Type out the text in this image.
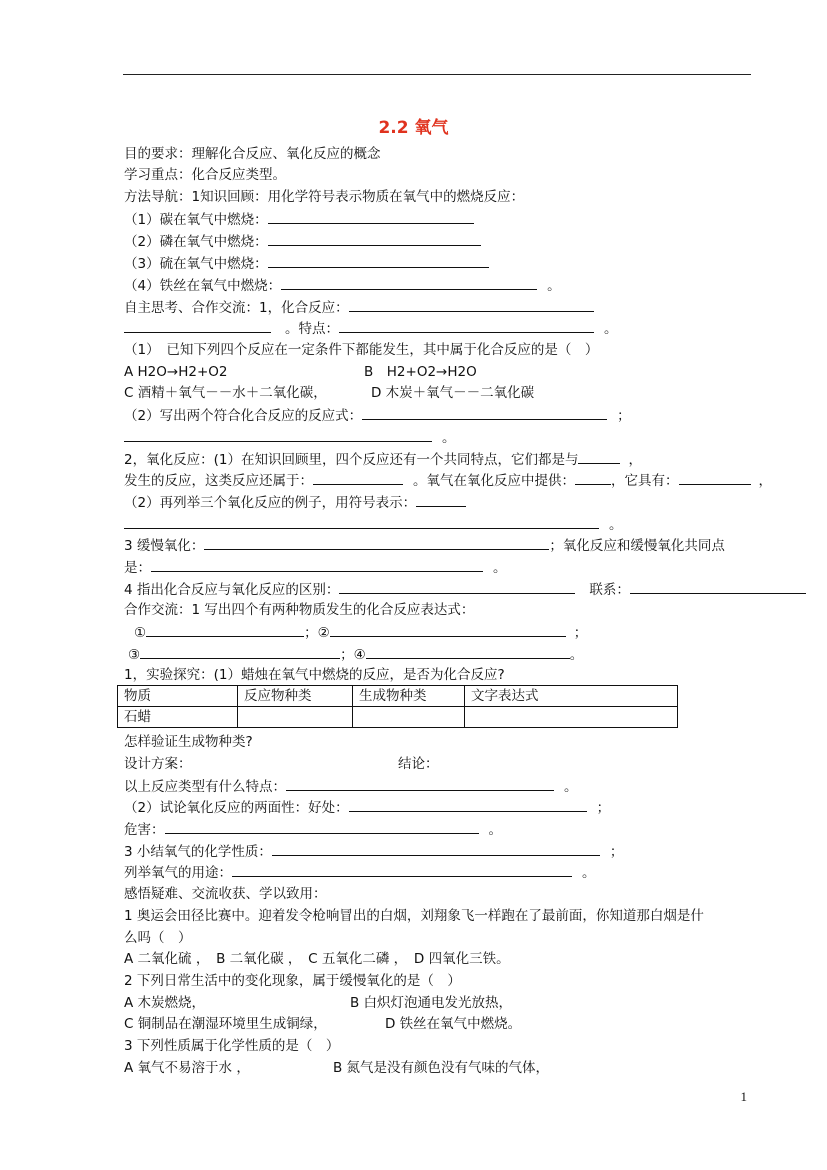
2.2 氧气
目的要求：理解化合反应、氧化反应的概念
学习重点：化合反应类型。
方法导航：1知识回顾：用化学符号表示物质在氧气中的燃烧反应：
（1）碳在氧气中燃烧：
（2）磷在氧气中燃烧：
（3）硫在氧气中燃烧：
（4）铁丝在氧气中燃烧：	。
自主思考、合作交流：1，化合反应：
。特点：	。
（1）　已知下列四个反应在一定条件下都能发生，其中属于化合反应的是（　）
A H2O→H2+O2	B　H2+O2→H2O
C 酒精＋氧气－－水＋二氧化碳，	D 木炭＋氧气－－二氧化碳
（2）写出两个符合化合反应的反应式：	；
。
2，氧化反应：(1）在知识回顾里，四个反应还有一个共同特点，它们都是与	，
发生的反应，这类反应还属于：	。氧气在氧化反应中提供：	，它具有：	，
（2）再列举三个氧化反应的例子，用符号表示：
。
3 缓慢氧化：	；氧化反应和缓慢氧化共同点
是：	。
4 指出化合反应与氧化反应的区别：	联系：
合作交流：1 写出四个有两种物质发生的化合反应表达式：
①	；②	；
③	；④	。
1，实验探究：(1）蜡烛在氧气中燃烧的反应，是否为化合反应?
物质	反应物种类	生成物种类	文字表达式
石蜡			
怎样验证生成物种类?
设计方案：	结论：
以上反应类型有什么特点：	。
（2）试论氧化反应的两面性：好处：	；
危害：	。
3 小结氧气的化学性质：	；
列举氧气的用途：	。
感悟疑难、交流收获、学以致用：
1 奥运会田径比赛中。迎着发令枪响冒出的白烟，刘翔象飞一样跑在了最前面，你知道那白烟是什
么吗（　）
A 二氧化硫 ，　B 二氧化碳 ，　C 五氧化二磷 ，　D 四氧化三铁。
2 下列日常生活中的变化现象，属于缓慢氧化的是（　）
A 木炭燃烧，	B 白炽灯泡通电发光放热，
C 铜制品在潮湿环境里生成铜绿，	D 铁丝在氧气中燃烧。
3 下列性质属于化学性质的是（　）
A 氧气不易溶于水 ，	B 氮气是没有颜色没有气味的气体，
1
